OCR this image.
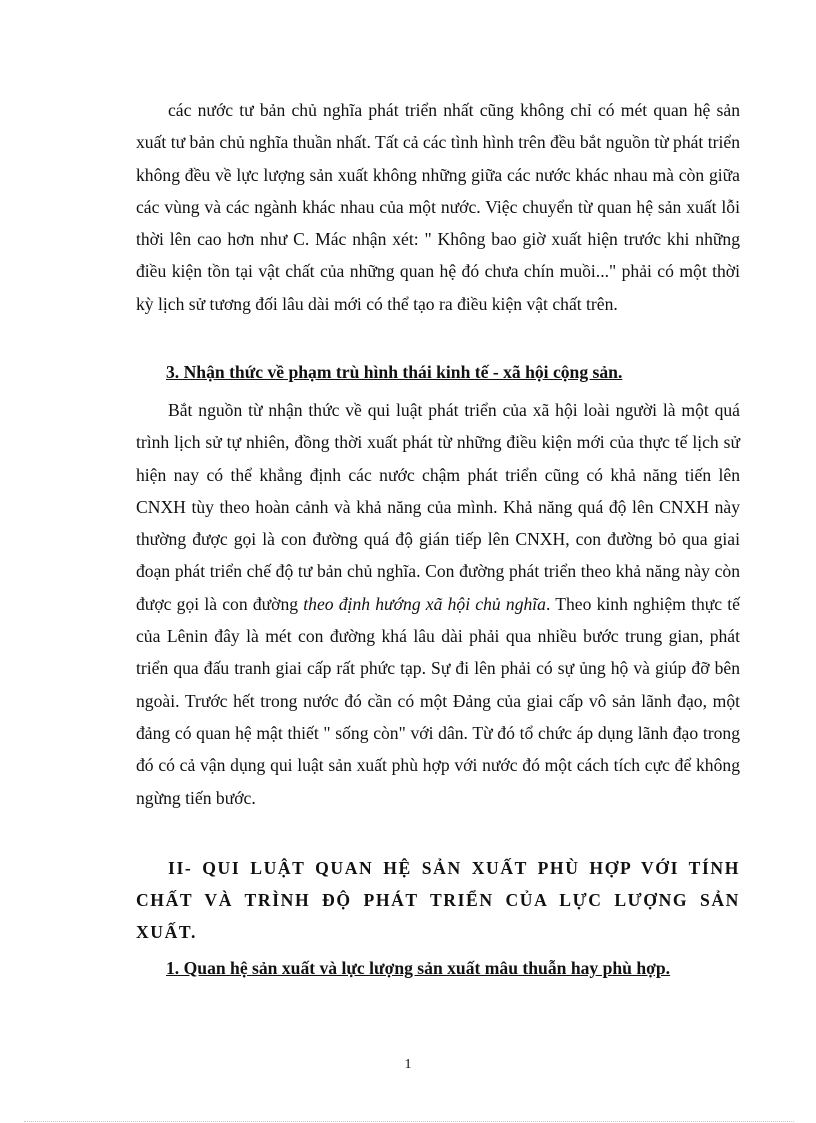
các nước tư bản chủ nghĩa phát triển nhất cũng không chỉ có mét quan hệ sản xuất tư bản chủ nghĩa thuần nhất. Tất cả các tình hình trên đều bắt nguồn từ phát triển không đều về lực lượng sản xuất không những giữa các nước khác nhau mà còn giữa các vùng và các ngành khác nhau của một nước. Việc chuyển từ quan hệ sản xuất lỗi thời lên cao hơn như C. Mác nhận xét: " Không bao giờ xuất hiện trước khi những điều kiện tồn tại vật chất của những quan hệ đó chưa chín muồi..." phải có một thời kỳ lịch sử tương đối lâu dài mới có thể tạo ra điều kiện vật chất trên.

3. Nhận thức về phạm trù hình thái kinh tế - xã hội cộng sản.

Bắt nguồn từ nhận thức về qui luật phát triển của xã hội loài người là một quá trình lịch sử tự nhiên, đồng thời xuất phát từ những điều kiện mới của thực tế lịch sử hiện nay có thể khẳng định các nước chậm phát triển cũng có khả năng tiến lên CNXH tùy theo hoàn cảnh và khả năng của mình. Khả năng quá độ lên CNXH này thường được gọi là con đường quá độ gián tiếp lên CNXH, con đường bỏ qua giai đoạn phát triển chế độ tư bản chủ nghĩa. Con đường phát triển theo khả năng này còn được gọi là con đường theo định hướng xã hội chủ nghĩa. Theo kinh nghiệm thực tế của Lênin đây là mét con đường khá lâu dài phải qua nhiều bước trung gian, phát triển qua đấu tranh giai cấp rất phức tạp. Sự đi lên phải có sự ủng hộ và giúp đỡ bên ngoài. Trước hết trong nước đó cần có một Đảng của giai cấp vô sản lãnh đạo, một đảng có quan hệ mật thiết " sống còn" với dân. Từ đó tổ chức áp dụng lãnh đạo trong đó có cả vận dụng qui luật sản xuất phù hợp với nước đó một cách tích cực để không ngừng tiến bước.

II- QUI LUẬT QUAN HỆ SẢN XUẤT PHÙ HỢP VỚI TÍNH CHẤT VÀ TRÌNH ĐỘ PHÁT TRIỂN CỦA LỰC LƯỢNG SẢN XUẤT.

1. Quan hệ sản xuất và lực lượng sản xuất mâu thuẫn hay phù hợp.
1
